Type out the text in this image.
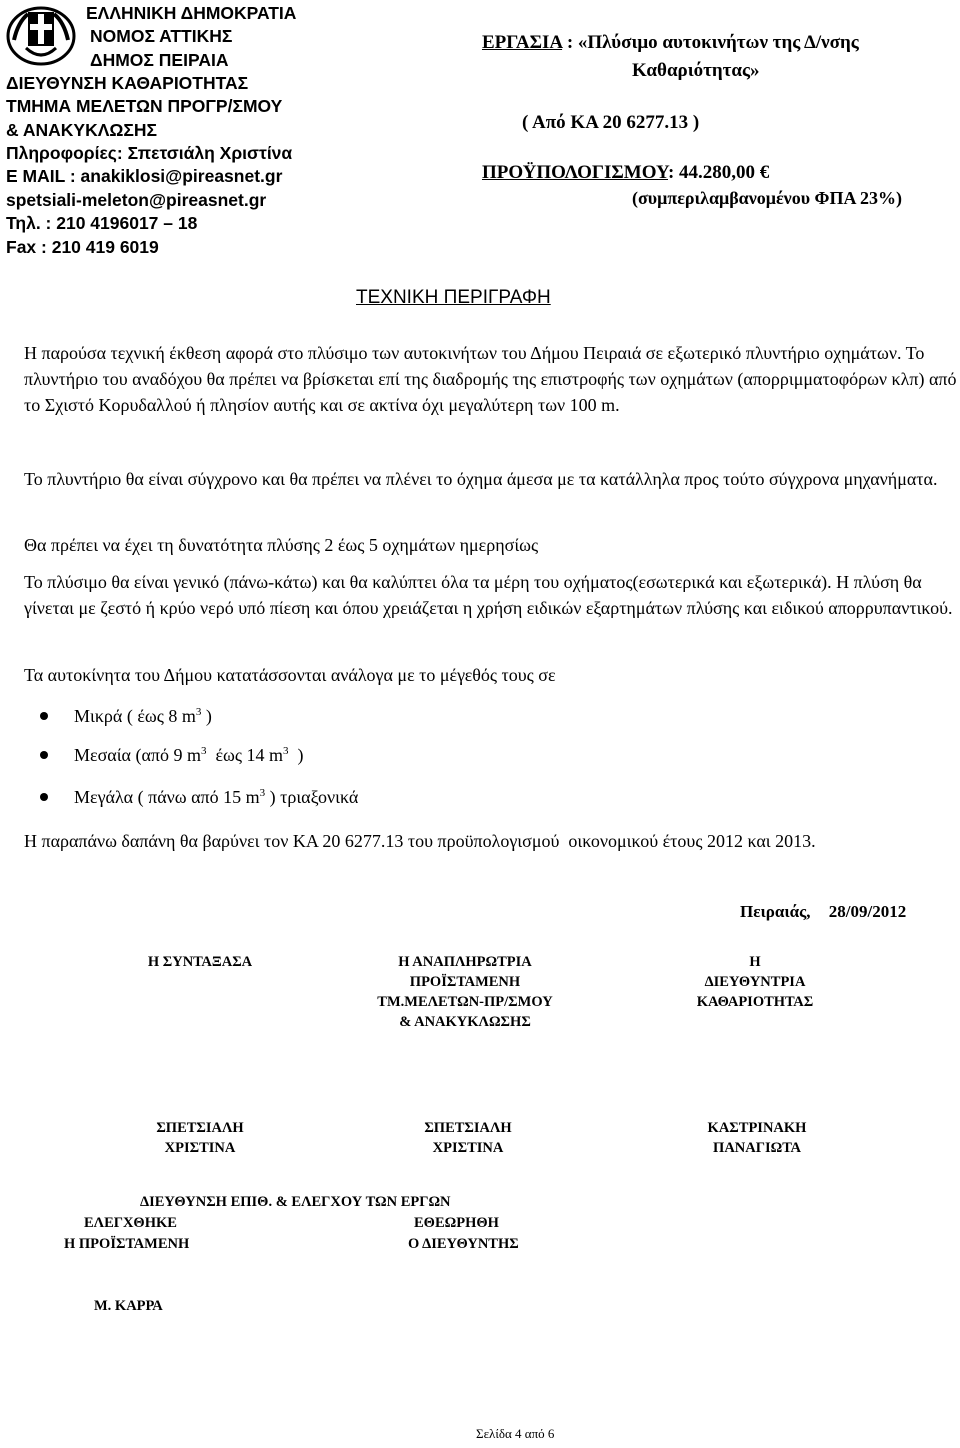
ΕΛΛΗΝΙΚΗ ΔΗΜΟΚΡΑΤΙΑ
ΝΟΜΟΣ ΑΤΤΙΚΗΣ
ΔΗΜΟΣ ΠΕΙΡΑΙΑ
ΔΙΕΥΘΥΝΣΗ ΚΑΘΑΡΙΟΤΗΤΑΣ
ΤΜΗΜΑ ΜΕΛΕΤΩΝ ΠΡΟΓΡ/ΣΜΟΥ
& ΑΝΑΚΥΚΛΩΣΗΣ
Πληροφορίες: Σπετσιάλη Χριστίνα
E MAIL : anakiklosi@pireasnet.gr
spetsiali-meleton@pireasnet.gr
Τηλ. : 210 4196017 – 18
Fax : 210 419 6019
ΕΡΓΑΣΙΑ : «Πλύσιμο αυτοκινήτων της Δ/νσης
Καθαριότητας»
( Από ΚΑ 20 6277.13 )
ΠΡΟΫΠΟΛΟΓΙΣΜΟΥ: 44.280,00 €
(συμπεριλαμβανομένου ΦΠΑ 23%)
ΤΕΧΝΙΚΗ ΠΕΡΙΓΡΑΦΗ

Η παρούσα τεχνική έκθεση αφορά στο πλύσιμο των αυτοκινήτων του Δήμου Πειραιά σε εξωτερικό πλυντήριο οχημάτων. Το πλυντήριο του αναδόχου θα πρέπει να βρίσκεται επί της διαδρομής της επιστροφής των οχημάτων (απορριμματοφόρων κλπ) από το Σχιστό Κορυδαλλού ή πλησίον αυτής και σε ακτίνα όχι μεγαλύτερη των 100 m.

Το πλυντήριο θα είναι σύγχρονο και θα πρέπει να πλένει το όχημα άμεσα με τα κατάλληλα προς τούτο σύγχρονα μηχανήματα.

Θα πρέπει να έχει τη δυνατότητα πλύσης 2 έως 5 οχημάτων ημερησίως

Το πλύσιμο θα είναι γενικό (πάνω-κάτω) και θα καλύπτει όλα τα μέρη του οχήματος(εσωτερικά και εξωτερικά). Η πλύση θα γίνεται με ζεστό ή κρύο νερό υπό πίεση και όπου χρειάζεται η χρήση ειδικών εξαρτημάτων πλύσης και ειδικού απορρυπαντικού.

Τα αυτοκίνητα του Δήμου κατατάσσονται ανάλογα με το μέγεθός τους σε

Μικρά ( έως 8 $m^3$ )
Μεσαία (από 9 $m^3$  έως 14 $m^3$  )
Μεγάλα ( πάνω από 15 $m^3$ ) τριαξονικά

Η παραπάνω δαπάνη θα βαρύνει τον ΚΑ 20 6277.13 του προϋπολογισμού  οικονομικού έτους 2012 και 2013.

Πειραιάς, 28/09/2012
Η ΣΥΝΤΑΞΑΣΑ	Η ΑΝΑΠΛΗΡΩΤΡΙΑ
ΠΡΟΪΣΤΑΜΕΝΗ
ΤΜ.ΜΕΛΕΤΩΝ-ΠΡ/ΣΜΟΥ
& ΑΝΑΚΥΚΛΩΣΗΣ
Η
ΔΙΕΥΘΥΝΤΡΙΑ
ΚΑΘΑΡΙΟΤΗΤΑΣ
ΣΠΕΤΣΙΑΛΗ
ΧΡΙΣΤΙΝΑ
ΣΠΕΤΣΙΑΛΗ
ΧΡΙΣΤΙΝΑ
ΚΑΣΤΡΙΝΑΚΗ
ΠΑΝΑΓΙΩΤΑ
ΔΙΕΥΘΥΝΣΗ ΕΠΙΘ. & ΕΛΕΓΧΟΥ ΤΩΝ ΕΡΓΩΝ
ΕΛΕΓΧΘΗΚΕ	ΕΘΕΩΡΗΘΗ
Η ΠΡΟΪΣΤΑΜΕΝΗ	Ο ΔΙΕΥΘΥΝΤΗΣ
Μ. ΚΑΡΡΑ
Σελίδα 4 από 6
